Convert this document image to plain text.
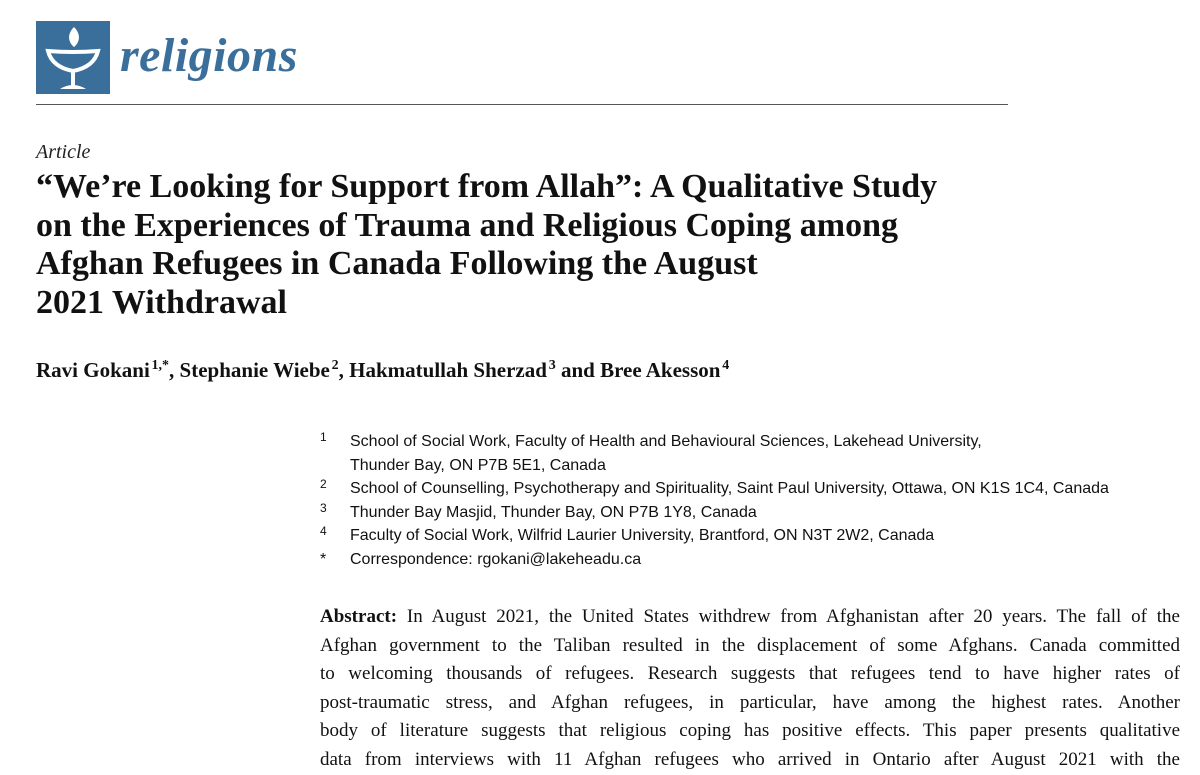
religions
Article
“We’re Looking for Support from Allah”: A Qualitative Study
on the Experiences of Trauma and Religious Coping among
Afghan Refugees in Canada Following the August
2021 Withdrawal
Ravi Gokani  $^{1,*}$, Stephanie Wiebe  $^2$, Hakmatullah Sherzad  $^3$ and Bree Akesson  $^4$
1 School of Social Work, Faculty of Health and Behavioural Sciences, Lakehead University,
Thunder Bay, ON P7B 5E1, Canada
2 School of Counselling, Psychotherapy and Spirituality, Saint Paul University, Ottawa, ON K1S 1C4, Canada
3 Thunder Bay Masjid, Thunder Bay, ON P7B 1Y8, Canada
4 Faculty of Social Work, Wilfrid Laurier University, Brantford, ON N3T 2W2, Canada
* Correspondence: rgokani@lakeheadu.ca
Abstract: In August 2021, the United States withdrew from Afghanistan after 20 years. The fall of the
Afghan government to the Taliban resulted in the displacement of some Afghans. Canada committed
to welcoming thousands of refugees. Research suggests that refugees tend to have higher rates of
post-traumatic stress, and Afghan refugees, in particular, have among the highest rates. Another
body of literature suggests that religious coping has positive effects. This paper presents qualitative
data from interviews with 11 Afghan refugees who arrived in Ontario after August 2021 with the
